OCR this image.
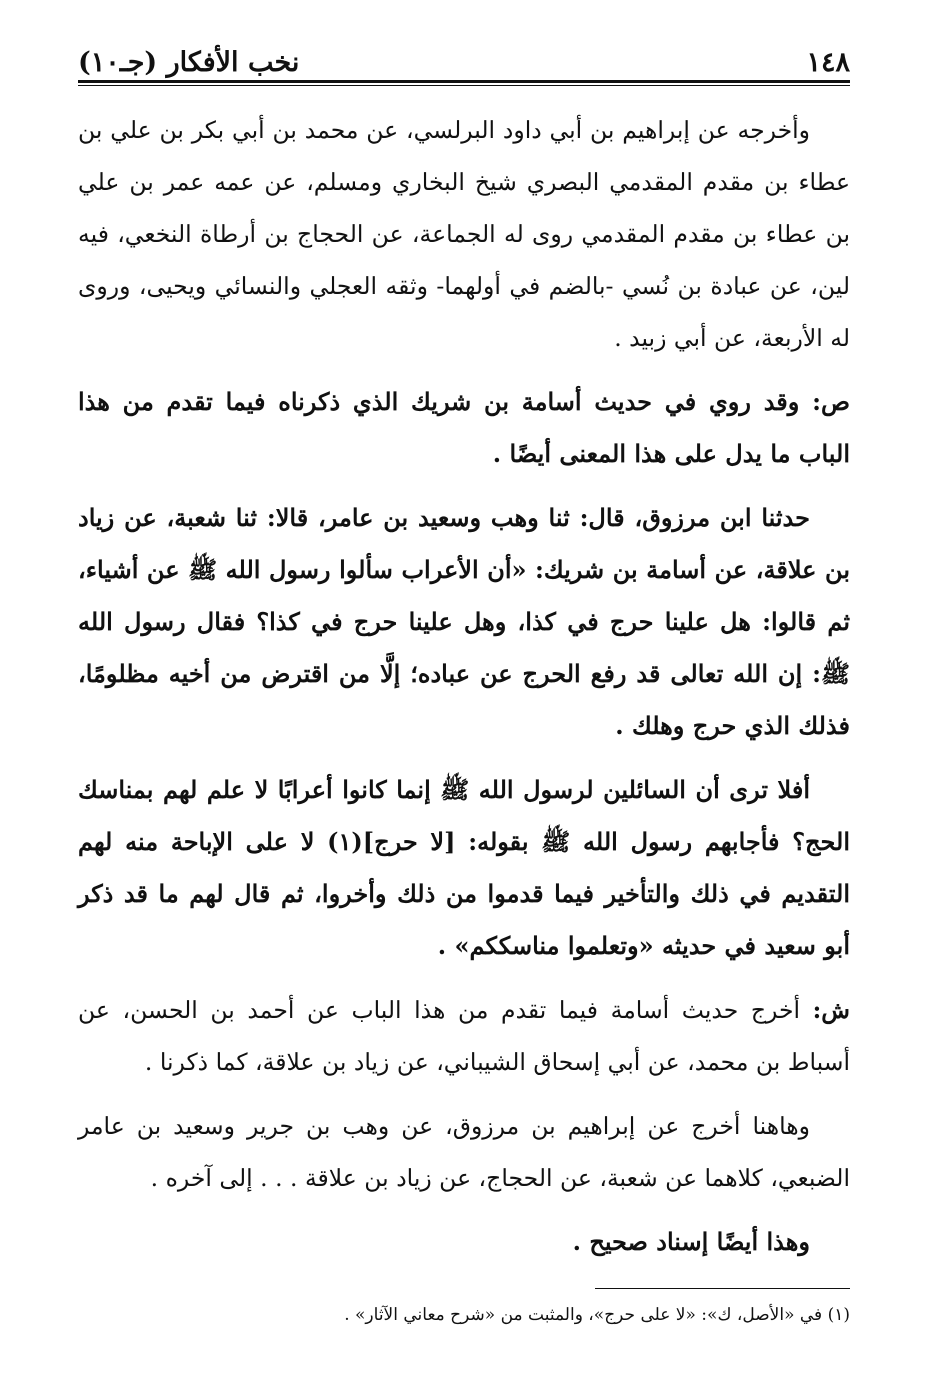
١٤٨
نخب الأفكار (جـ١٠)

وأخرجه عن إبراهيم بن أبي داود البرلسي، عن محمد بن أبي بكر بن علي بن عطاء بن مقدم المقدمي البصري شيخ البخاري ومسلم، عن عمه عمر بن علي بن عطاء بن مقدم المقدمي روى له الجماعة، عن الحجاج بن أرطاة النخعي، فيه لين، عن عبادة بن نُسي -بالضم في أولهما- وثقه العجلي والنسائي ويحيى، وروى له الأربعة، عن أبي زبيد .

ص: وقد روي في حديث أسامة بن شريك الذي ذكرناه فيما تقدم من هذا الباب ما يدل على هذا المعنى أيضًا .

حدثنا ابن مرزوق، قال: ثنا وهب وسعيد بن عامر، قالا: ثنا شعبة، عن زياد بن علاقة، عن أسامة بن شريك: «أن الأعراب سألوا رسول الله ﷺ عن أشياء، ثم قالوا: هل علينا حرج في كذا، وهل علينا حرج في كذا؟ فقال رسول الله ﷺ: إن الله تعالى قد رفع الحرج عن عباده؛ إلَّا من اقترض من أخيه مظلومًا، فذلك الذي حرج وهلك .

أفلا ترى أن السائلين لرسول الله ﷺ إنما كانوا أعرابًا لا علم لهم بمناسك الحج؟ فأجابهم رسول الله ﷺ بقوله: [لا حرج](١) لا على الإباحة منه لهم التقديم في ذلك والتأخير فيما قدموا من ذلك وأخروا، ثم قال لهم ما قد ذكر أبو سعيد في حديثه «وتعلموا مناسككم» .

ش: أخرج حديث أسامة فيما تقدم من هذا الباب عن أحمد بن الحسن، عن أسباط بن محمد، عن أبي إسحاق الشيباني، عن زياد بن علاقة، كما ذكرنا .

وهاهنا أخرج عن إبراهيم بن مرزوق، عن وهب بن جرير وسعيد بن عامر الضبعي، كلاهما عن شعبة، عن الحجاج، عن زياد بن علاقة . . . إلى آخره .

وهذا أيضًا إسناد صحيح .

(١) في «الأصل، ك»: «لا على حرج»، والمثبت من «شرح معاني الآثار» .
